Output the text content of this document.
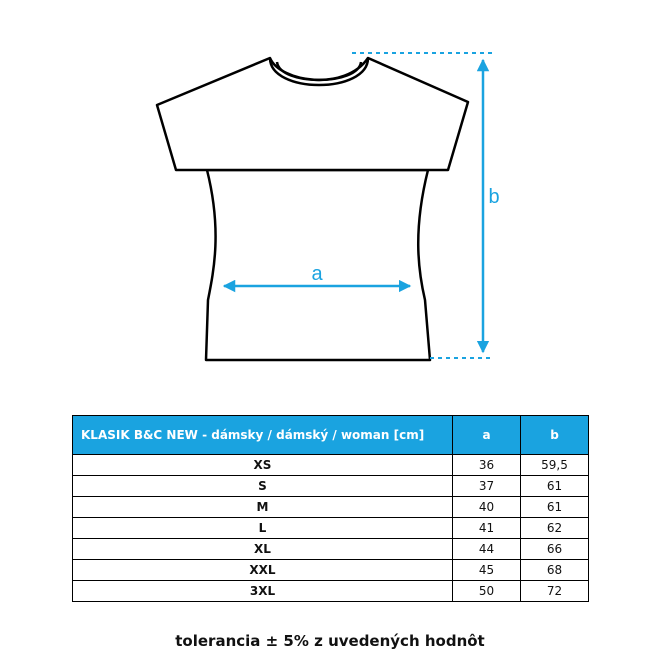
a
b
KLASIK B&C NEW - dámsky / dámský / woman [cm]	a	b
XS	36	59,5
S	37	61
M	40	61
L	41	62
XL	44	66
XXL	45	68
3XL	50	72
tolerancia ± 5% z uvedených hodnôt
